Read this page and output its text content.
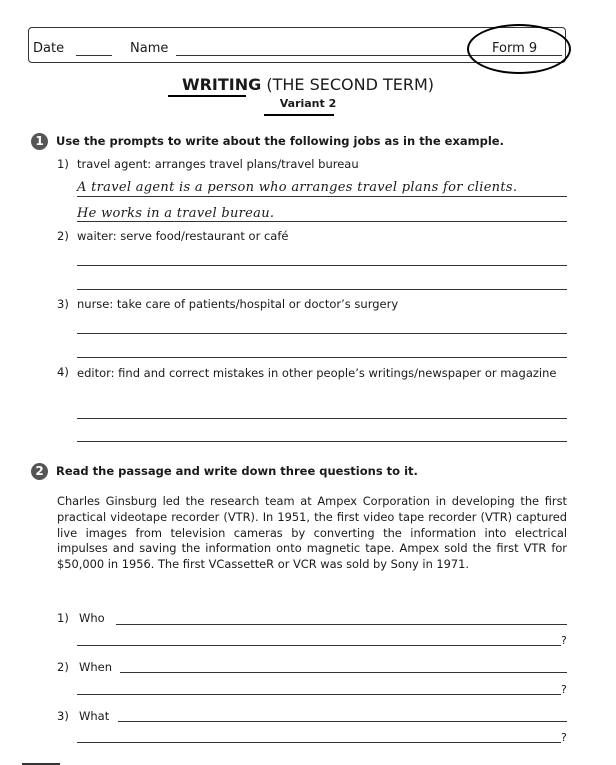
Date	Name	Form 9
WRITING (THE SECOND TERM)
Variant 2
1	Use the prompts to write about the following jobs as in the example.
1) travel agent: arranges travel plans/travel bureau
A travel agent is a person who arranges travel plans for clients.
He works in a travel bureau.
2) waiter: serve food/restaurant or café
3) nurse: take care of patients/hospital or doctor’s surgery
4) editor: find and correct mistakes in other people’s writings/newspaper or magazine
2	Read the passage and write down three questions to it.
Charles Ginsburg led the research team at Ampex Corporation in developing the first practical videotape recorder (VTR). In 1951, the first video tape recorder (VTR) captured live images from television cameras by converting the information into electrical impulses and saving the information onto magnetic tape. Ampex sold the first VTR for $50,000 in 1956. The first VCassetteR or VCR was sold by Sony in 1971.
1) Who
?
2) When
?
3) What
?
